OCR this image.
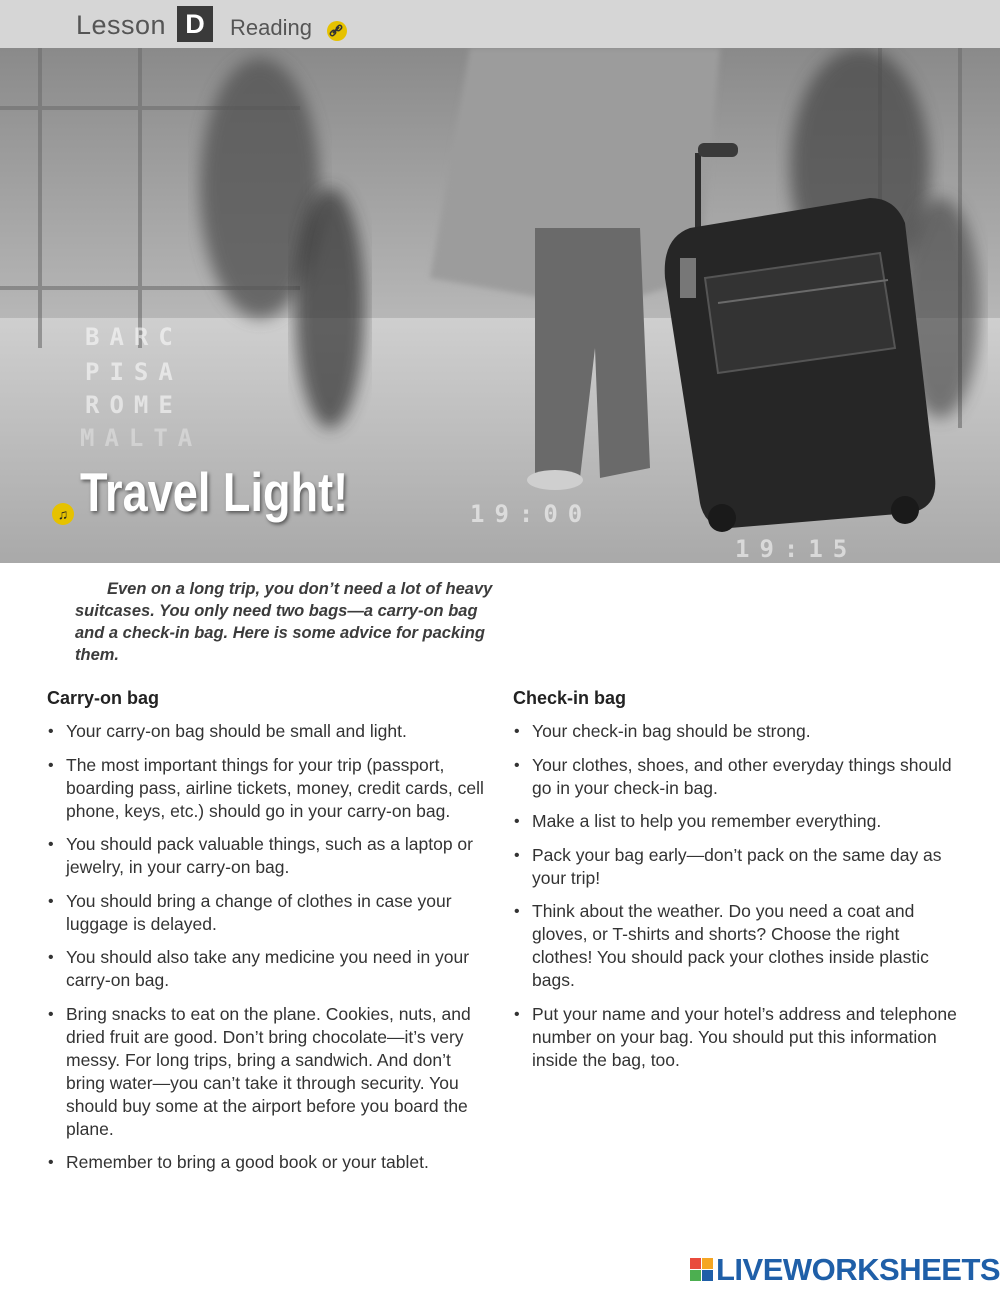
Lesson D	Reading
BARC
PISA
ROME
MALTA
19:00
19:15
♫ Travel Light!

Even on a long trip, you don’t need a lot of heavy suitcases. You only need two bags—a carry-on bag and a check-in bag. Here is some advice for packing them.

Carry-on bag
• Your carry-on bag should be small and light.
• The most important things for your trip (passport, boarding pass, airline tickets, money, credit cards, cell phone, keys, etc.) should go in your carry-on bag.
• You should pack valuable things, such as a laptop or jewelry, in your carry-on bag.
• You should bring a change of clothes in case your luggage is delayed.
• You should also take any medicine you need in your carry-on bag.
• Bring snacks to eat on the plane. Cookies, nuts, and dried fruit are good. Don’t bring chocolate—it’s very messy. For long trips, bring a sandwich. And don’t bring water—you can’t take it through security. You should buy some at the airport before you board the plane.
• Remember to bring a good book or your tablet.
Check-in bag
• Your check-in bag should be strong.
• Your clothes, shoes, and other everyday things should go in your check-in bag.
• Make a list to help you remember everything.
• Pack your bag early—don’t pack on the same day as your trip!
• Think about the weather. Do you need a coat and gloves, or T-shirts and shorts? Choose the right clothes! You should pack your clothes inside plastic bags.
• Put your name and your hotel’s address and telephone number on your bag. You should put this information inside the bag, too.
LIVEWORKSHEETS
